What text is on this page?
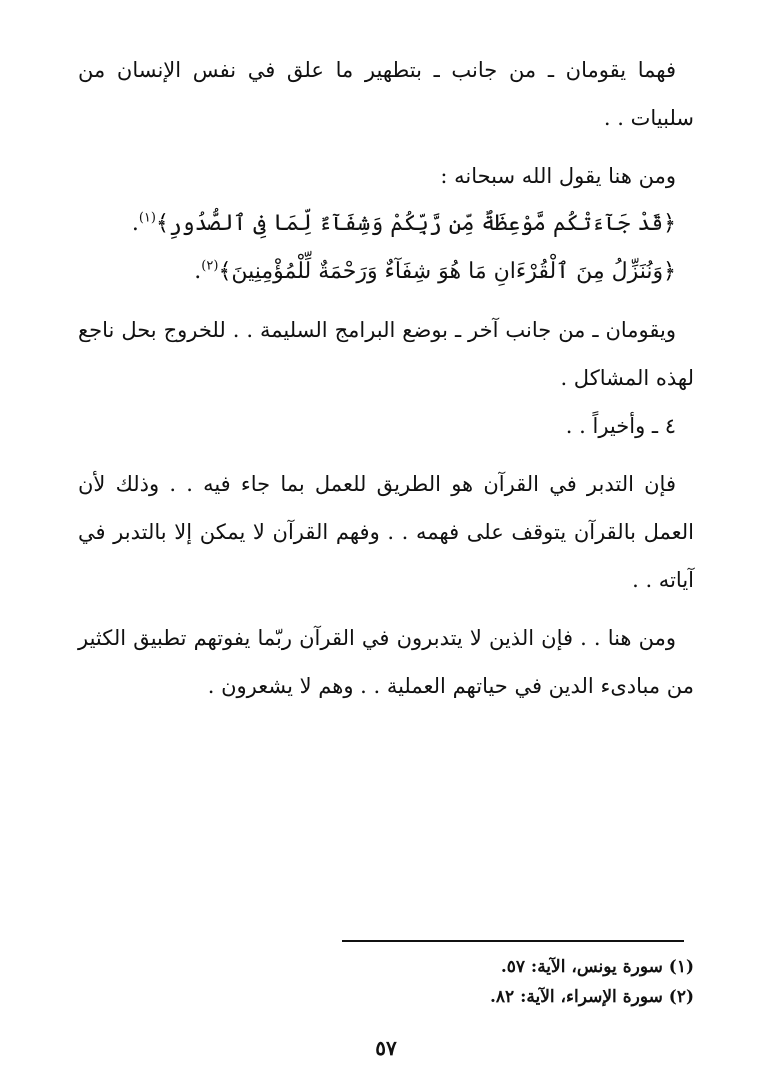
فهما يقومان ـ من جانب ـ بتطهير ما علق في نفس الإنسان من سلبيات . .

ومن هنا يقول الله سبحانه :

﴿قَدْ جَآءَتْكُم مَّوْعِظَةٌ مِّن رَّبِّكُمْ وَشِفَآءٌ لِّمَا فِى ٱلصُّدُورِ﴾$^{(١)}$.

﴿وَنُنَزِّلُ مِنَ ٱلْقُرْءَانِ مَا هُوَ شِفَآءٌ وَرَحْمَةٌ لِّلْمُؤْمِنِينَ﴾$^{(٢)}$.

ويقومان ـ من جانب آخر ـ بوضع البرامج السليمة . . للخروج بحل ناجع لهذه المشاكل .

٤ ـ وأخيراً . .

فإن التدبر في القرآن هو الطريق للعمل بما جاء فيه . . وذلك لأن العمل بالقرآن يتوقف على فهمه . . وفهم القرآن لا يمكن إلا بالتدبر في آياته . .

ومن هنا . . فإن الذين لا يتدبرون في القرآن ربّما يفوتهم تطبيق الكثير من مبادىء الدين في حياتهم العملية . . وهم لا يشعرون .

(١) سورة يونس، الآية: ٥٧.

(٢) سورة الإسراء، الآية: ٨٢.

٥٧
